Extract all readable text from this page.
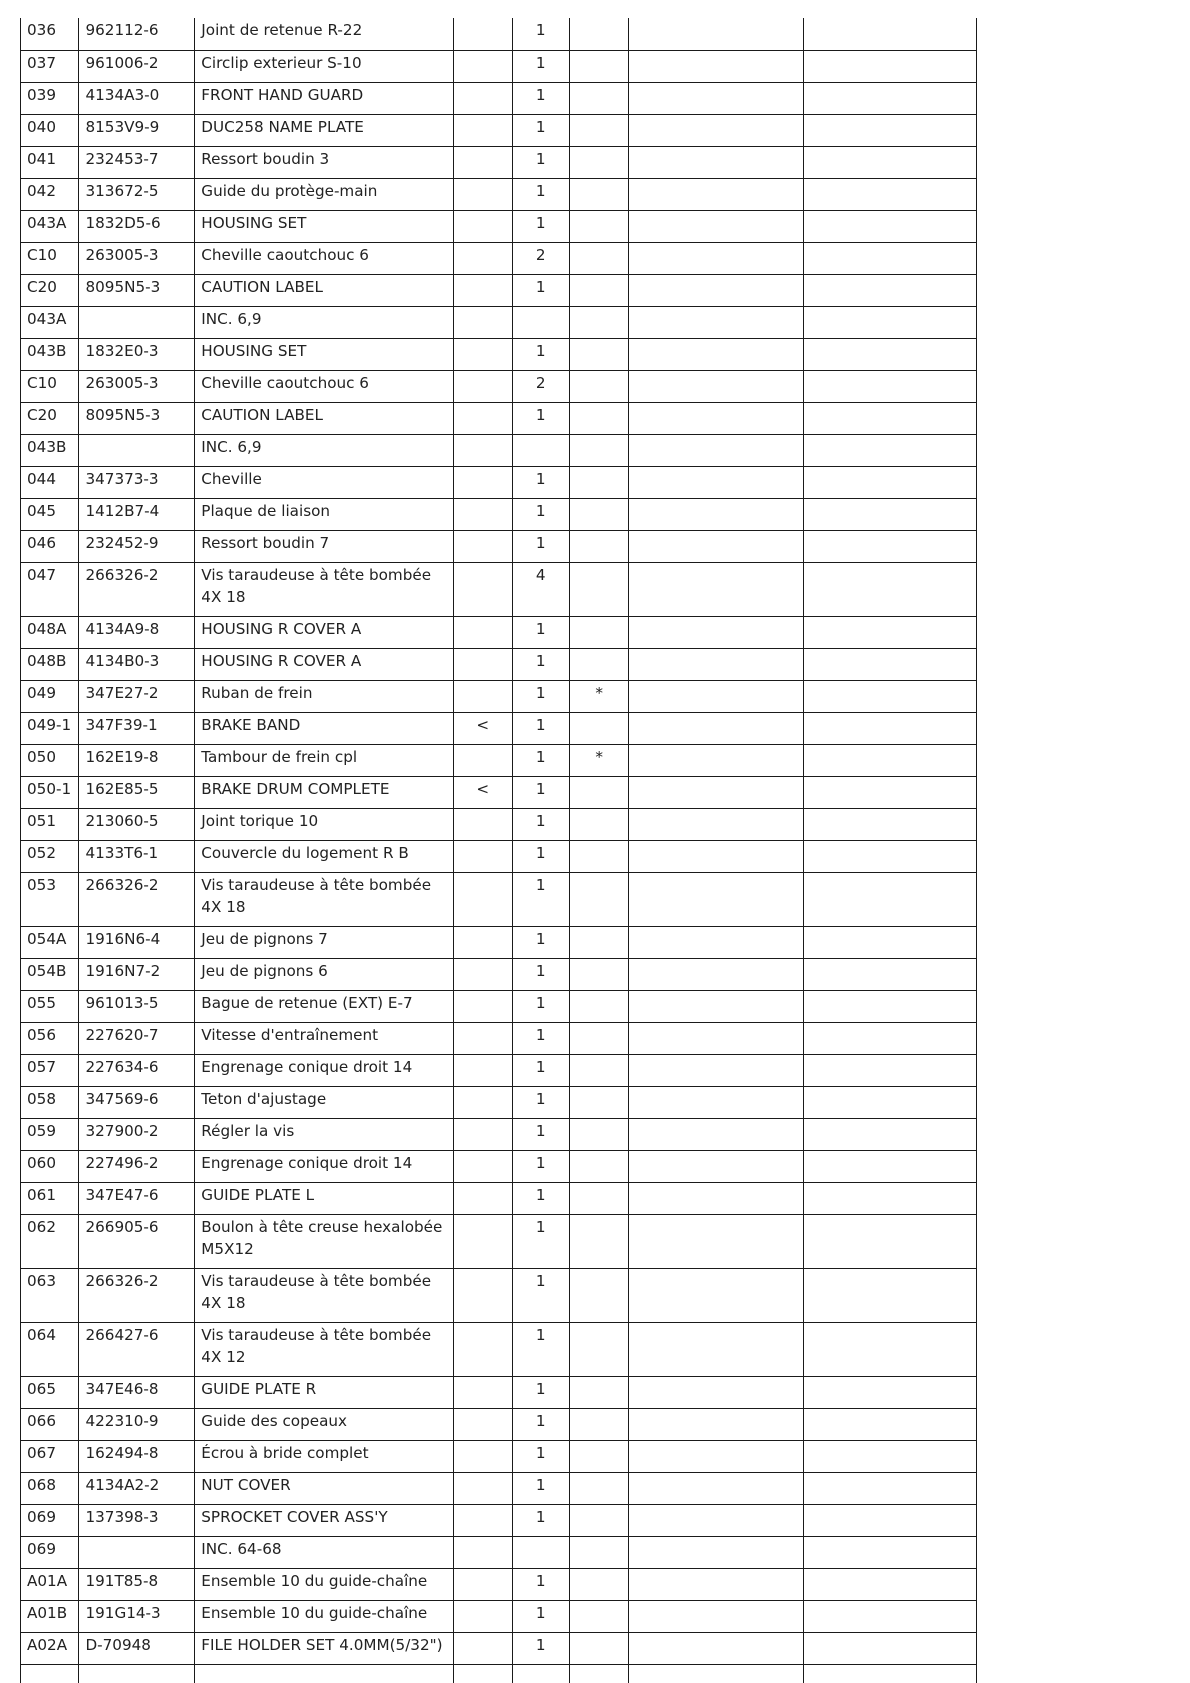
036	962112-6	Joint de retenue R-22		1			
037	961006-2	Circlip exterieur S-10		1			
039	4134A3-0	FRONT HAND GUARD		1			
040	8153V9-9	DUC258 NAME PLATE		1			
041	232453-7	Ressort boudin 3		1			
042	313672-5	Guide du protège-main		1			
043A	1832D5-6	HOUSING SET		1			
C10	263005-3	Cheville caoutchouc 6		2			
C20	8095N5-3	CAUTION LABEL		1			
043A		INC. 6,9					
043B	1832E0-3	HOUSING SET		1			
C10	263005-3	Cheville caoutchouc 6		2			
C20	8095N5-3	CAUTION LABEL		1			
043B		INC. 6,9					
044	347373-3	Cheville		1			
045	1412B7-4	Plaque de liaison		1			
046	232452-9	Ressort boudin 7		1			
047	266326-2	Vis taraudeuse à tête bombée 4X 18		4			
048A	4134A9-8	HOUSING R COVER A		1			
048B	4134B0-3	HOUSING R COVER A		1			
049	347E27-2	Ruban de frein		1	*		
049-1	347F39-1	BRAKE BAND	<	1			
050	162E19-8	Tambour de frein cpl		1	*		
050-1	162E85-5	BRAKE DRUM COMPLETE	<	1			
051	213060-5	Joint torique 10		1			
052	4133T6-1	Couvercle du logement R B		1			
053	266326-2	Vis taraudeuse à tête bombée 4X 18		1			
054A	1916N6-4	Jeu de pignons 7		1			
054B	1916N7-2	Jeu de pignons 6		1			
055	961013-5	Bague de retenue (EXT) E-7		1			
056	227620-7	Vitesse d'entraînement		1			
057	227634-6	Engrenage conique droit 14		1			
058	347569-6	Teton d'ajustage		1			
059	327900-2	Régler la vis		1			
060	227496-2	Engrenage conique droit 14		1			
061	347E47-6	GUIDE PLATE L		1			
062	266905-6	Boulon à tête creuse hexalobée M5X12		1			
063	266326-2	Vis taraudeuse à tête bombée 4X 18		1			
064	266427-6	Vis taraudeuse à tête bombée 4X 12		1			
065	347E46-8	GUIDE PLATE R		1			
066	422310-9	Guide des copeaux		1			
067	162494-8	Écrou à bride complet		1			
068	4134A2-2	NUT COVER		1			
069	137398-3	SPROCKET COVER ASS'Y		1			
069		INC. 64-68					
A01A	191T85-8	Ensemble 10 du guide-chaîne		1			
A01B	191G14-3	Ensemble 10 du guide-chaîne		1			
A02A	D-70948	FILE HOLDER SET 4.0MM(5/32")		1			
